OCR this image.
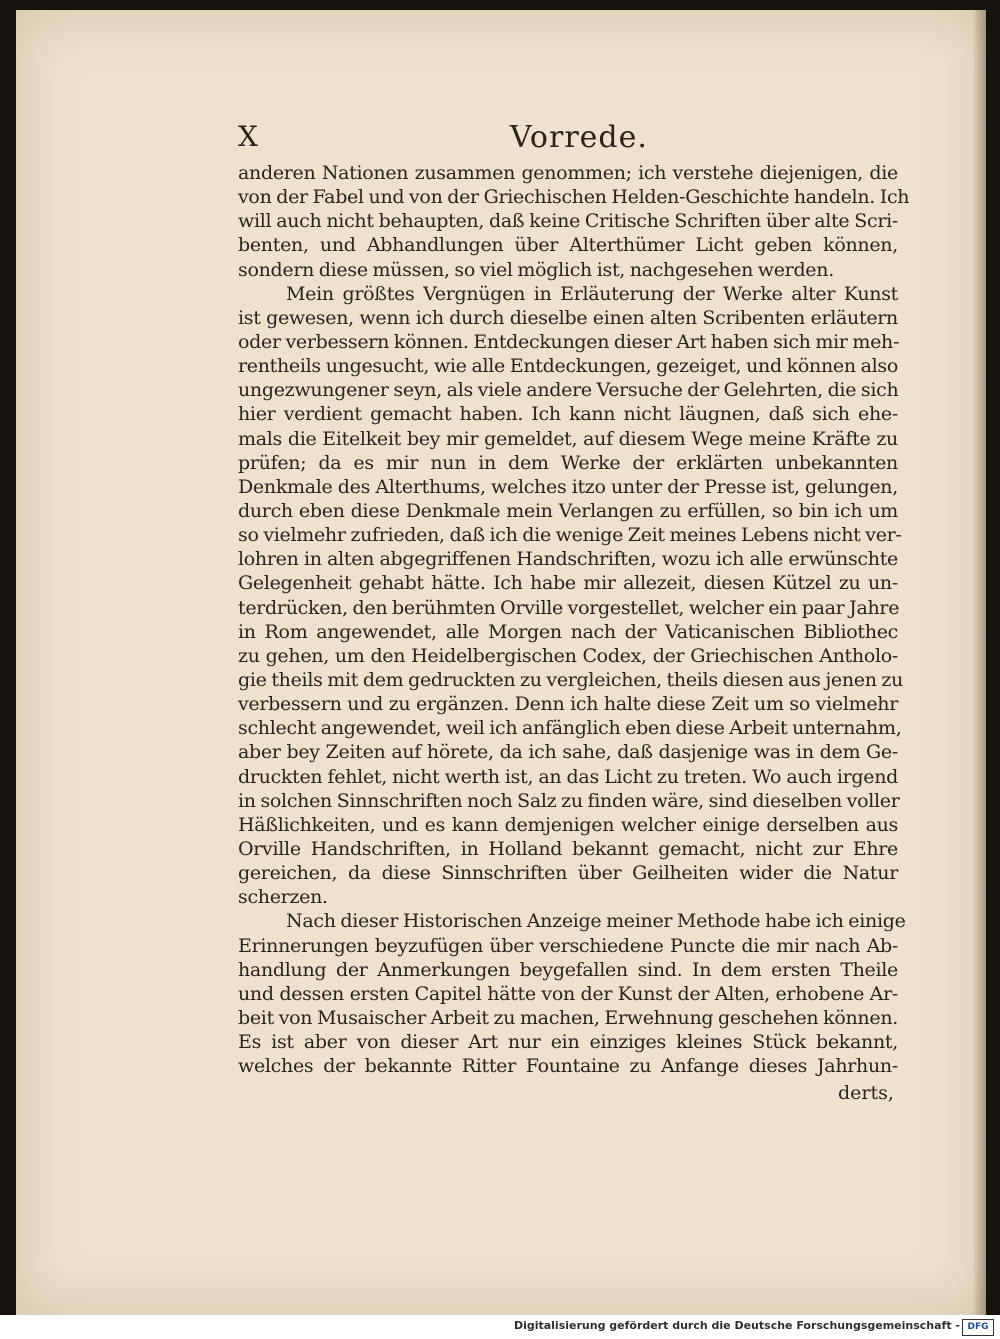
X	Vorrede.
anderen Nationen zusammen genommen; ich verstehe diejenigen, die
von der Fabel und von der Griechischen Helden-Geschichte handeln. Ich
will auch nicht behaupten, daß keine Critische Schriften über alte Scri-
benten, und Abhandlungen über Alterthümer Licht geben können,
sondern diese müssen, so viel möglich ist, nachgesehen werden.
Mein größtes Vergnügen in Erläuterung der Werke alter Kunst
ist gewesen, wenn ich durch dieselbe einen alten Scribenten erläutern
oder verbessern können. Entdeckungen dieser Art haben sich mir meh-
rentheils ungesucht, wie alle Entdeckungen, gezeiget, und können also
ungezwungener seyn, als viele andere Versuche der Gelehrten, die sich
hier verdient gemacht haben. Ich kann nicht läugnen, daß sich ehe-
mals die Eitelkeit bey mir gemeldet, auf diesem Wege meine Kräfte zu
prüfen; da es mir nun in dem Werke der erklärten unbekannten
Denkmale des Alterthums, welches itzo unter der Presse ist, gelungen,
durch eben diese Denkmale mein Verlangen zu erfüllen, so bin ich um
so vielmehr zufrieden, daß ich die wenige Zeit meines Lebens nicht ver-
lohren in alten abgegriffenen Handschriften, wozu ich alle erwünschte
Gelegenheit gehabt hätte. Ich habe mir allezeit, diesen Kützel zu un-
terdrücken, den berühmten Orville vorgestellet, welcher ein paar Jahre
in Rom angewendet, alle Morgen nach der Vaticanischen Bibliothec
zu gehen, um den Heidelbergischen Codex, der Griechischen Antholo-
gie theils mit dem gedruckten zu vergleichen, theils diesen aus jenen zu
verbessern und zu ergänzen. Denn ich halte diese Zeit um so vielmehr
schlecht angewendet, weil ich anfänglich eben diese Arbeit unternahm,
aber bey Zeiten auf hörete, da ich sahe, daß dasjenige was in dem Ge-
druckten fehlet, nicht werth ist, an das Licht zu treten. Wo auch irgend
in solchen Sinnschriften noch Salz zu finden wäre, sind dieselben voller
Häßlichkeiten, und es kann demjenigen welcher einige derselben aus
Orville Handschriften, in Holland bekannt gemacht, nicht zur Ehre
gereichen, da diese Sinnschriften über Geilheiten wider die Natur
scherzen.
Nach dieser Historischen Anzeige meiner Methode habe ich einige
Erinnerungen beyzufügen über verschiedene Puncte die mir nach Ab-
handlung der Anmerkungen beygefallen sind. In dem ersten Theile
und dessen ersten Capitel hätte von der Kunst der Alten, erhobene Ar-
beit von Musaischer Arbeit zu machen, Erwehnung geschehen können.
Es ist aber von dieser Art nur ein einziges kleines Stück bekannt,
welches der bekannte Ritter Fountaine zu Anfange dieses Jahrhun-
derts,
Digitalisierung gefördert durch die Deutsche Forschungsgemeinschaft - DFG
